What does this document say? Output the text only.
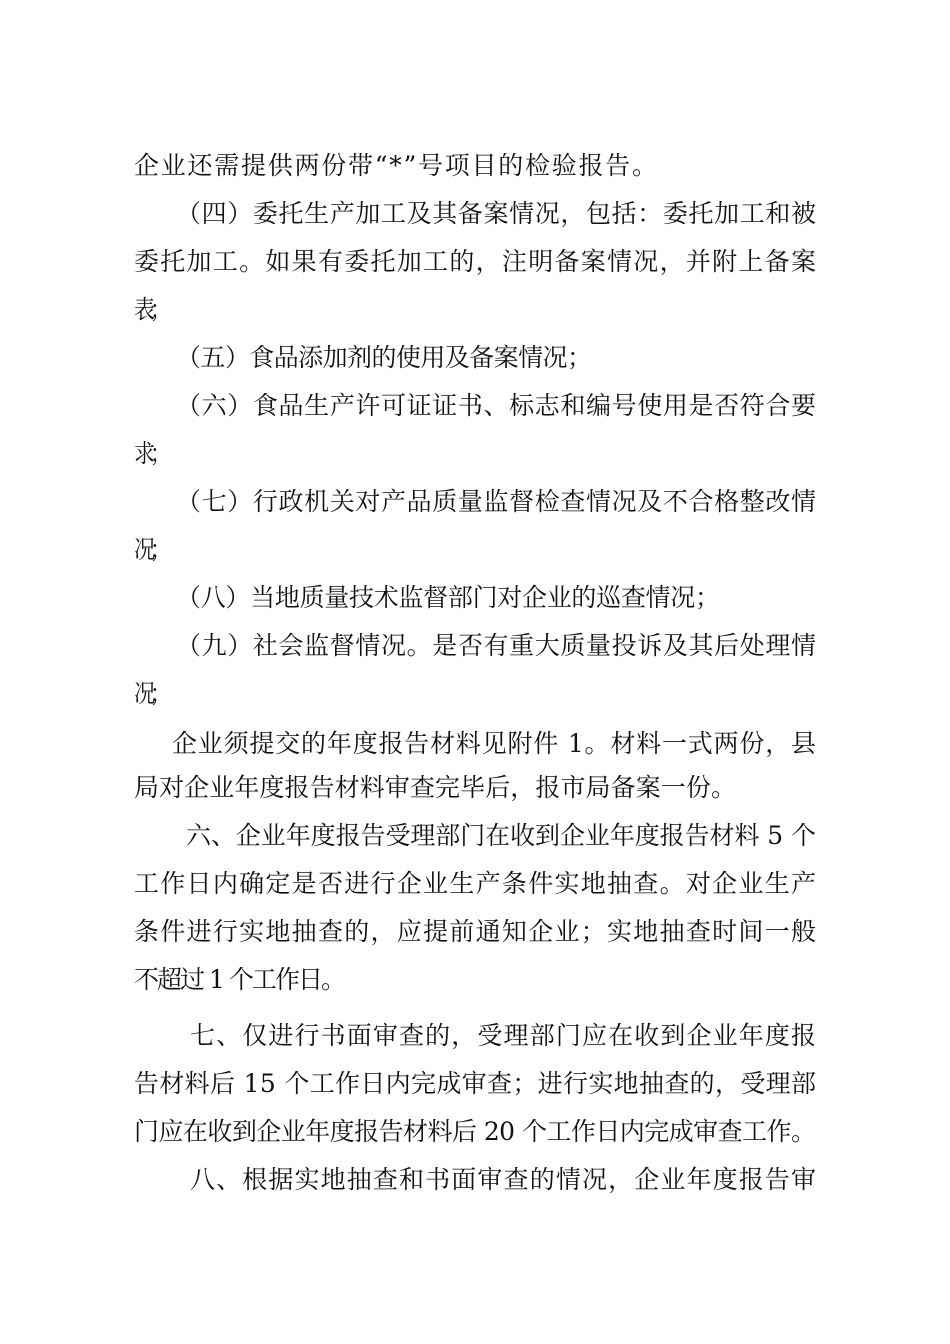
企业还需提供两份带“*”号项目的检验报告。
（四）委托生产加工及其备案情况，包括：委托加工和被
委托加工。如果有委托加工的，注明备案情况，并附上备案
表；
（五）食品添加剂的使用及备案情况；
（六）食品生产许可证证书、标志和编号使用是否符合要
求；
（七）行政机关对产品质量监督检查情况及不合格整改情
况；
（八）当地质量技术监督部门对企业的巡查情况；
（九）社会监督情况。是否有重大质量投诉及其后处理情
况；
企业须提交的年度报告材料见附件 1。材料一式两份，县
局对企业年度报告材料审查完毕后，报市局备案一份。
六、企业年度报告受理部门在收到企业年度报告材料 5 个
工作日内确定是否进行企业生产条件实地抽查。对企业生产
条件进行实地抽查的，应提前通知企业；实地抽查时间一般
不超过 1 个工作日。
七、仅进行书面审查的，受理部门应在收到企业年度报
告材料后 15 个工作日内完成审查；进行实地抽查的，受理部
门应在收到企业年度报告材料后 20 个工作日内完成审查工作。
八、根据实地抽查和书面审查的情况，企业年度报告审
